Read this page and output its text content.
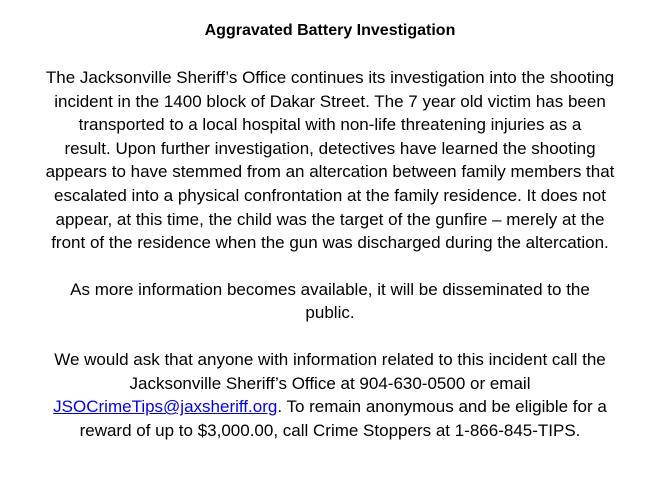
Aggravated Battery Investigation
The Jacksonville Sheriff’s Office continues its investigation into the shooting
incident in the 1400 block of Dakar Street. The 7 year old victim has been
transported to a local hospital with non-life threatening injuries as a
result. Upon further investigation, detectives have learned the shooting
appears to have stemmed from an altercation between family members that
escalated into a physical confrontation at the family residence. It does not
appear, at this time, the child was the target of the gunfire – merely at the
front of the residence when the gun was discharged during the altercation.
As more information becomes available, it will be disseminated to the
public.
We would ask that anyone with information related to this incident call the
Jacksonville Sheriff’s Office at 904-630-0500 or email
JSOCrimeTips@jaxsheriff.org. To remain anonymous and be eligible for a
reward of up to $3,000.00, call Crime Stoppers at 1-866-845-TIPS.
